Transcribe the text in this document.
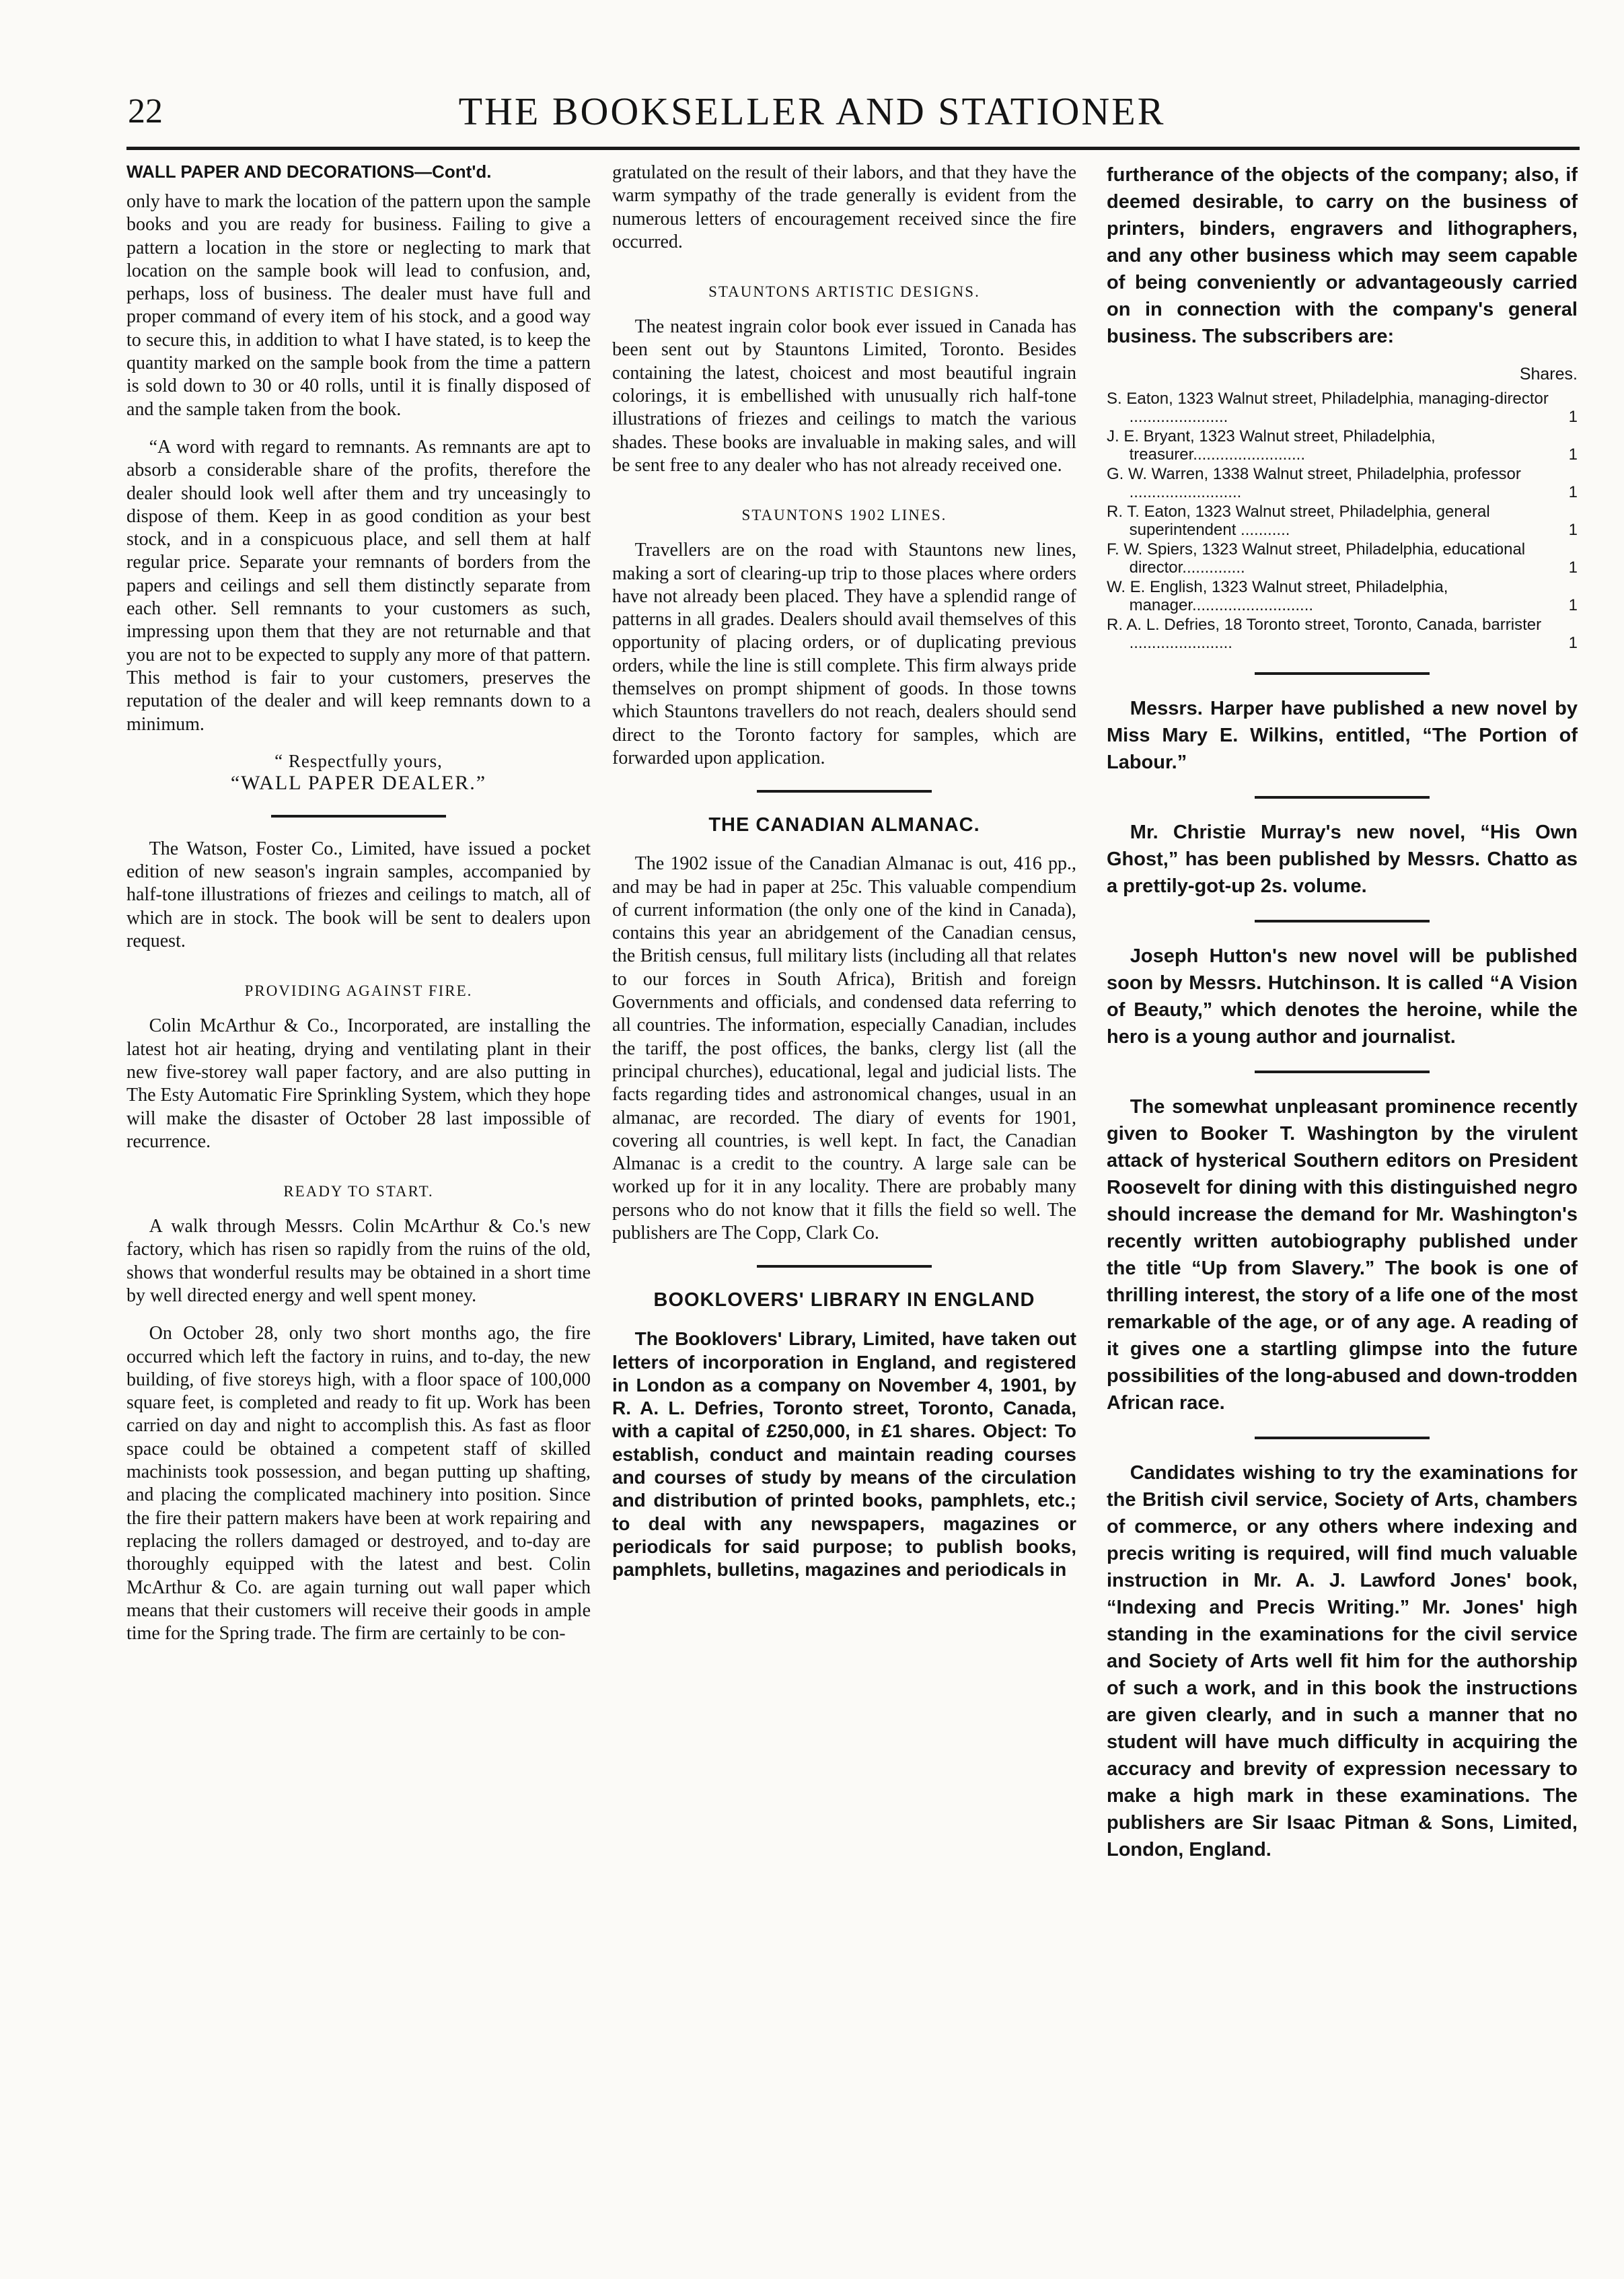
22	THE BOOKSELLER AND STATIONER
WALL PAPER AND DECORATIONS—Cont'd.

only have to mark the location of the pattern upon the sample books and you are ready for business. Failing to give a pattern a location in the store or neglecting to mark that location on the sample book will lead to confusion, and, perhaps, loss of business. The dealer must have full and proper command of every item of his stock, and a good way to secure this, in addition to what I have stated, is to keep the quantity marked on the sample book from the time a pattern is sold down to 30 or 40 rolls, until it is finally disposed of and the sample taken from the book.

“A word with regard to remnants. As remnants are apt to absorb a considerable share of the profits, therefore the dealer should look well after them and try unceasingly to dispose of them. Keep in as good condition as your best stock, and in a conspicuous place, and sell them at half regular price. Separate your remnants of borders from the papers and ceilings and sell them distinctly separate from each other. Sell remnants to your customers as such, impressing upon them that they are not returnable and that you are not to be expected to supply any more of that pattern. This method is fair to your customers, preserves the reputation of the dealer and will keep remnants down to a minimum.

“ Respectfully yours,
“WALL PAPER DEALER.”

The Watson, Foster Co., Limited, have issued a pocket edition of new season's ingrain samples, accompanied by half-tone illustrations of friezes and ceilings to match, all of which are in stock. The book will be sent to dealers upon request.

PROVIDING AGAINST FIRE.

Colin McArthur & Co., Incorporated, are installing the latest hot air heating, drying and ventilating plant in their new five-storey wall paper factory, and are also putting in The Esty Automatic Fire Sprinkling System, which they hope will make the disaster of October 28 last impossible of recurrence.

READY TO START.

A walk through Messrs. Colin McArthur & Co.'s new factory, which has risen so rapidly from the ruins of the old, shows that wonderful results may be obtained in a short time by well directed energy and well spent money.

On October 28, only two short months ago, the fire occurred which left the factory in ruins, and to-day, the new building, of five storeys high, with a floor space of 100,000 square feet, is completed and ready to fit up. Work has been carried on day and night to accomplish this. As fast as floor space could be obtained a competent staff of skilled machinists took possession, and began putting up shafting, and placing the complicated machinery into position. Since the fire their pattern makers have been at work repairing and replacing the rollers damaged or destroyed, and to-day are thoroughly equipped with the latest and best. Colin McArthur & Co. are again turning out wall paper which means that their customers will receive their goods in ample time for the Spring trade. The firm are certainly to be con-

gratulated on the result of their labors, and that they have the warm sympathy of the trade generally is evident from the numerous letters of encouragement received since the fire occurred.

STAUNTONS ARTISTIC DESIGNS.

The neatest ingrain color book ever issued in Canada has been sent out by Stauntons Limited, Toronto. Besides containing the latest, choicest and most beautiful ingrain colorings, it is embellished with unusually rich half-tone illustrations of friezes and ceilings to match the various shades. These books are invaluable in making sales, and will be sent free to any dealer who has not already received one.

STAUNTONS 1902 LINES.

Travellers are on the road with Stauntons new lines, making a sort of clearing-up trip to those places where orders have not already been placed. They have a splendid range of patterns in all grades. Dealers should avail themselves of this opportunity of placing orders, or of duplicating previous orders, while the line is still complete. This firm always pride themselves on prompt shipment of goods. In those towns which Stauntons travellers do not reach, dealers should send direct to the Toronto factory for samples, which are forwarded upon application.

THE CANADIAN ALMANAC.

The 1902 issue of the Canadian Almanac is out, 416 pp., and may be had in paper at 25c. This valuable compendium of current information (the only one of the kind in Canada), contains this year an abridgement of the Canadian census, the British census, full military lists (including all that relates to our forces in South Africa), British and foreign Governments and officials, and condensed data referring to all countries. The information, especially Canadian, includes the tariff, the post offices, the banks, clergy list (all the principal churches), educational, legal and judicial lists. The facts regarding tides and astronomical changes, usual in an almanac, are recorded. The diary of events for 1901, covering all countries, is well kept. In fact, the Canadian Almanac is a credit to the country. A large sale can be worked up for it in any locality. There are probably many persons who do not know that it fills the field so well. The publishers are The Copp, Clark Co.

BOOKLOVERS' LIBRARY IN ENGLAND

The Booklovers' Library, Limited, have taken out letters of incorporation in England, and registered in London as a company on November 4, 1901, by R. A. L. Defries, Toronto street, Toronto, Canada, with a capital of £250,000, in £1 shares. Object: To establish, conduct and maintain reading courses and courses of study by means of the circulation and distribution of printed books, pamphlets, etc.; to deal with any newspapers, magazines or periodicals for said purpose; to publish books, pamphlets, bulletins, magazines and periodicals in

furtherance of the objects of the company; also, if deemed desirable, to carry on the business of printers, binders, engravers and lithographers, and any other business which may seem capable of being conveniently or advantageously carried on in connection with the company's general business. The subscribers are:

Shares.
S. Eaton, 1323 Walnut street, Philadelphia, managing-director ......................	1
J. E. Bryant, 1323 Walnut street, Philadelphia, treasurer.........................	1
G. W. Warren, 1338 Walnut street, Philadelphia, professor .........................	1
R. T. Eaton, 1323 Walnut street, Philadelphia, general superintendent ...........	1
F. W. Spiers, 1323 Walnut street, Philadelphia, educational director..............	1
W. E. English, 1323 Walnut street, Philadelphia, manager...........................	1
R. A. L. Defries, 18 Toronto street, Toronto, Canada, barrister .......................	1

Messrs. Harper have published a new novel by Miss Mary E. Wilkins, entitled, “The Portion of Labour.”

Mr. Christie Murray's new novel, “His Own Ghost,” has been published by Messrs. Chatto as a prettily-got-up 2s. volume.

Joseph Hutton's new novel will be published soon by Messrs. Hutchinson. It is called “A Vision of Beauty,” which denotes the heroine, while the hero is a young author and journalist.

The somewhat unpleasant prominence recently given to Booker T. Washington by the virulent attack of hysterical Southern editors on President Roosevelt for dining with this distinguished negro should increase the demand for Mr. Washington's recently written autobiography published under the title “Up from Slavery.” The book is one of thrilling interest, the story of a life one of the most remarkable of the age, or of any age. A reading of it gives one a startling glimpse into the future possibilities of the long-abused and down-trodden African race.

Candidates wishing to try the examinations for the British civil service, Society of Arts, chambers of commerce, or any others where indexing and precis writing is required, will find much valuable instruction in Mr. A. J. Lawford Jones' book, “Indexing and Precis Writing.” Mr. Jones' high standing in the examinations for the civil service and Society of Arts well fit him for the authorship of such a work, and in this book the instructions are given clearly, and in such a manner that no student will have much difficulty in acquiring the accuracy and brevity of expression necessary to make a high mark in these examinations. The publishers are Sir Isaac Pitman & Sons, Limited, London, England.
